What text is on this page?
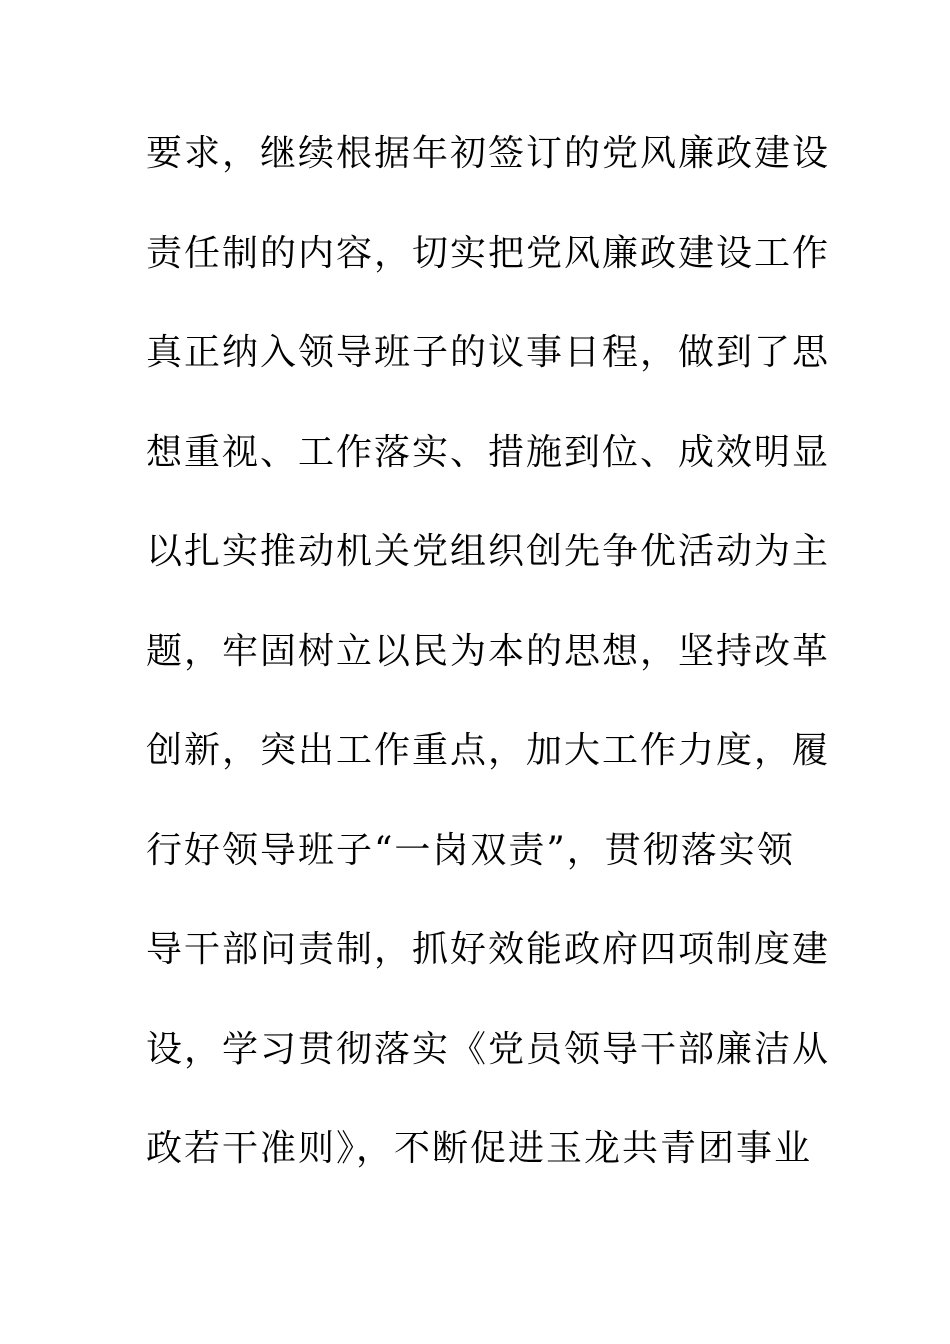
要求，继续根据年初签订的党风廉政建设
责任制的内容，切实把党风廉政建设工作
真正纳入领导班子的议事日程，做到了思
想重视、工作落实、措施到位、成效明显
以扎实推动机关党组织创先争优活动为主
题，牢固树立以民为本的思想，坚持改革
创新，突出工作重点，加大工作力度，履
行好领导班子“一岗双责”，贯彻落实领
导干部问责制，抓好效能政府四项制度建
设，学习贯彻落实《党员领导干部廉洁从
政若干准则》，不断促进玉龙共青团事业
